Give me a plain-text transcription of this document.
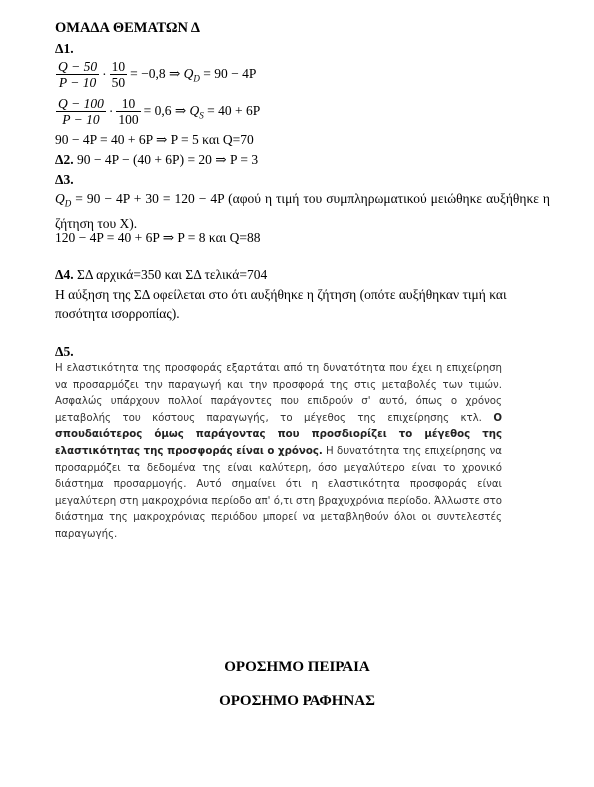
ΟΜΑΔΑ ΘΕΜΑΤΩΝ Δ
Δ1.
$\frac{Q - 50}{P - 10} \cdot \frac{10}{50} = -0,8$ ⇒ $Q_D = 90 - 4P$
$\frac{Q - 100}{P - 10} \cdot \frac{10}{100} = 0,6$ ⇒ $Q_S = 40 + 6P$
90 − 4P = 40 + 6P ⇒ P = 5 και Q=70
Δ2. 90 − 4P − (40 + 6P) = 20 ⇒ P = 3
Δ3.
$Q_D = 90 - 4P + 30 = 120 - 4P$ (αφού η τιμή του συμπληρωματικού μειώθηκε αυξήθηκε η ζήτηση του Χ).
120 − 4P = 40 + 6P ⇒ P = 8 και Q=88
Δ4. ΣΔ αρχικά=350 και ΣΔ τελικά=704
Η αύξηση της ΣΔ οφείλεται στο ότι αυξήθηκε η ζήτηση (οπότε αυξήθηκαν τιμή και ποσότητα ισορροπίας).
Δ5.
Η ελαστικότητα της προσφοράς εξαρτάται από τη δυνατότητα που έχει η επιχείρηση να προσαρμόζει την παραγωγή και την προσφορά της στις μεταβολές των τιμών. Ασφαλώς υπάρχουν πολλοί παράγοντες που επιδρούν σ' αυτό, όπως ο χρόνος μεταβολής του κόστους παραγωγής, το μέγεθος της επιχείρησης κτλ. Ο σπουδαιότερος όμως παράγοντας που προσδιορίζει το μέγεθος της ελαστικότητας της προσφοράς είναι ο χρόνος. Η δυνατότητα της επιχείρησης να προσαρμόζει τα δεδομένα της είναι καλύτερη, όσο μεγαλύτερο είναι το χρονικό διάστημα προσαρμογής. Αυτό σημαίνει ότι η ελαστικότητα προσφοράς είναι μεγαλύτερη στη μακροχρόνια περίοδο απ' ό,τι στη βραχυχρόνια περίοδο. Άλλωστε στο διάστημα της μακροχρόνιας περιόδου μπορεί να μεταβληθούν όλοι οι συντελεστές παραγωγής.
ΟΡΟΣΗΜΟ ΠΕΙΡΑΙΑ
ΟΡΟΣΗΜΟ ΡΑΦΗΝΑΣ
